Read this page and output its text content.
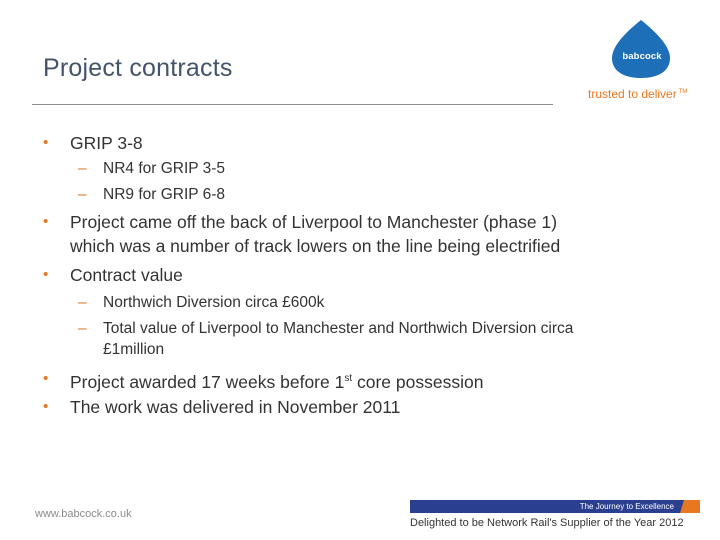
Project contracts	babcock
trusted to deliver ™
• GRIP 3-8
– NR4 for GRIP 3-5
– NR9 for GRIP 6-8
• Project came off the back of Liverpool to Manchester (phase 1)
which was a number of track lowers on the line being electrified
• Contract value
– Northwich Diversion circa £600k
– Total value of Liverpool to Manchester and Northwich Diversion circa
£1million
• Project awarded 17 weeks before 1st core possession
• The work was delivered in November 2011
www.babcock.co.uk
The Journey to Excellence
Delighted to be Network Rail's Supplier of the Year 2012
